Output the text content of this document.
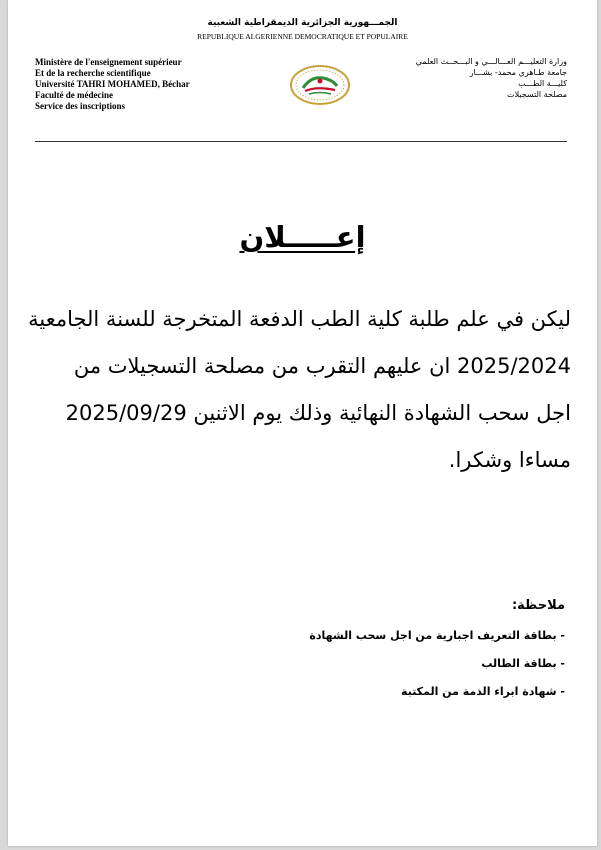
الجمـــهورية الجزائرية الديمقراطية الشعبية
REPUBLIQUE ALGERIENNE DEMOCRATIQUE ET POPULAIRE
Ministère de l'enseignement supérieur
Et de la recherche scientifique
Université TAHRI MOHAMED, Béchar
Faculté de médecine
Service des inscriptions
وزارة التعليـــم العـــالـــي و البـــحــث العلمي
جامعة طـاهري محمد- بشـــار
كليـــة الطـــب
مصلحة التسجيلات
إعـــــلان

ليكن في علم طلبة كلية الطب الدفعة المتخرجة للسنة الجامعية

2025/2024 ان عليهم التقرب من مصلحة التسجيلات من

اجل سحب الشهادة النهائية وذلك يوم الاثنين 2025/09/29

مساءا وشكرا.

ملاحظة:
- بطاقة التعريف اجبارية من اجل سحب الشهادة
- بطاقة الطالب
- شهادة ابراء الذمة من المكتبة
